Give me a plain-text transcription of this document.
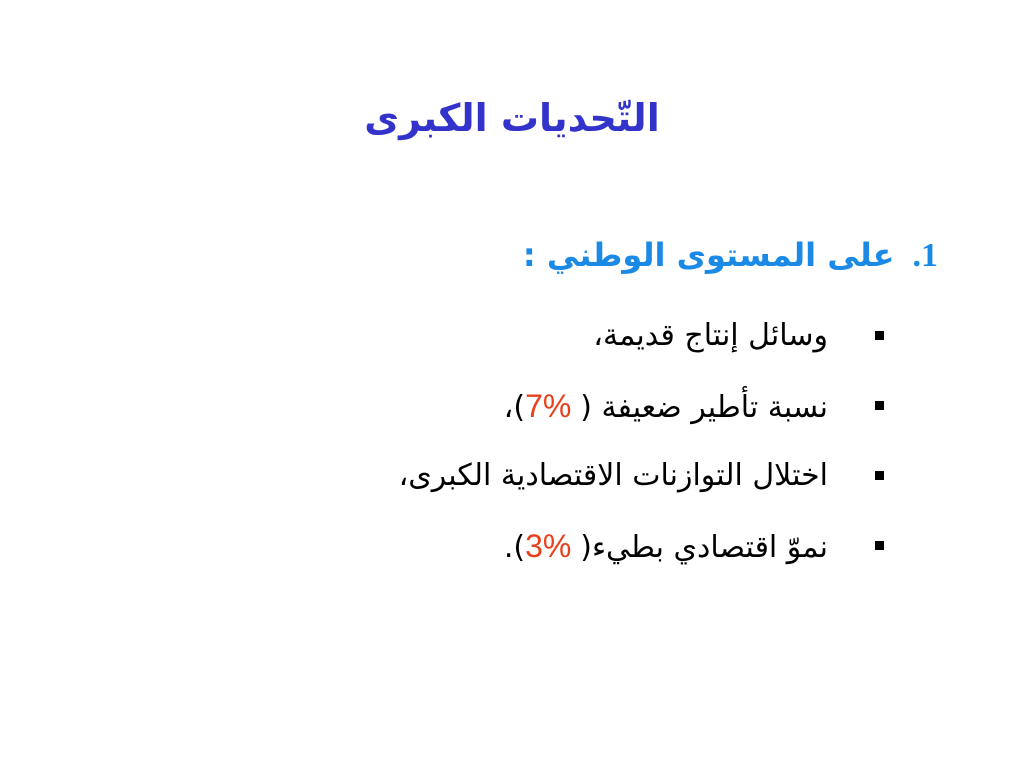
التّحديات الكبرى
1.على المستوى الوطني :
وسائل إنتاج قديمة،
نسبة تأطير ضعيفة ( %7)،
اختلال التوازنات الاقتصادية الكبرى،
نموّ اقتصادي بطيء( %3).
